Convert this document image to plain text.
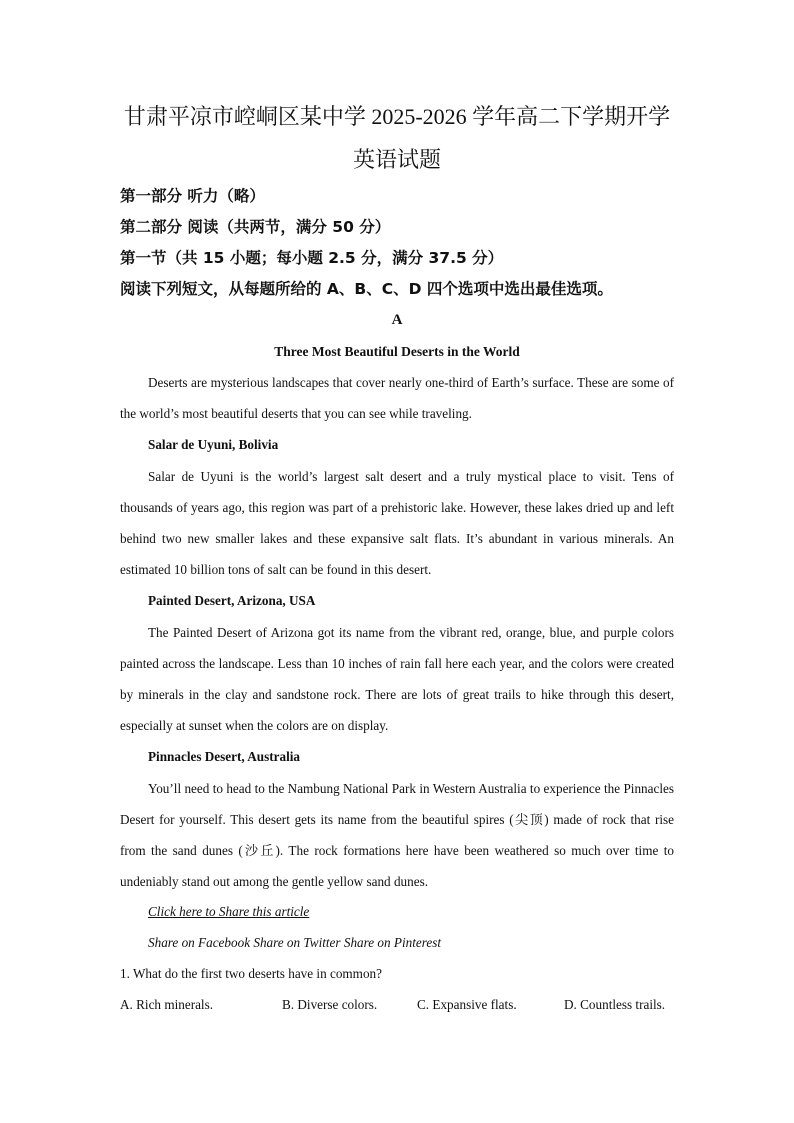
甘肃平凉市崆峒区某中学 2025-2026 学年高二下学期开学
英语试题
第一部分 听力（略）
第二部分 阅读（共两节，满分 50 分）
第一节（共 15 小题；每小题 2.5 分，满分 37.5 分）
阅读下列短文，从每题所给的 A、B、C、D 四个选项中选出最佳选项。
A
Three Most Beautiful Deserts in the World

Deserts are mysterious landscapes that cover nearly one-third of Earth’s surface. These are some of the world’s most beautiful deserts that you can see while traveling.

Salar de Uyuni, Bolivia

Salar de Uyuni is the world’s largest salt desert and a truly mystical place to visit. Tens of thousands of years ago, this region was part of a prehistoric lake. However, these lakes dried up and left behind two new smaller lakes and these expansive salt flats. It’s abundant in various minerals. An estimated 10 billion tons of salt can be found in this desert.

Painted Desert, Arizona, USA

The Painted Desert of Arizona got its name from the vibrant red, orange, blue, and purple colors painted across the landscape. Less than 10 inches of rain fall here each year, and the colors were created by minerals in the clay and sandstone rock. There are lots of great trails to hike through this desert, especially at sunset when the colors are on display.

Pinnacles Desert, Australia

You’ll need to head to the Nambung National Park in Western Australia to experience the Pinnacles Desert for yourself. This desert gets its name from the beautiful spires (尖顶) made of rock that rise from the sand dunes (沙丘). The rock formations here have been weathered so much over time to undeniably stand out among the gentle yellow sand dunes.

Click here to Share this article
Share on Facebook Share on Twitter Share on Pinterest
1. What do the first two deserts have in common?
A. Rich minerals.	B. Diverse colors.	C. Expansive flats.	D. Countless trails.
